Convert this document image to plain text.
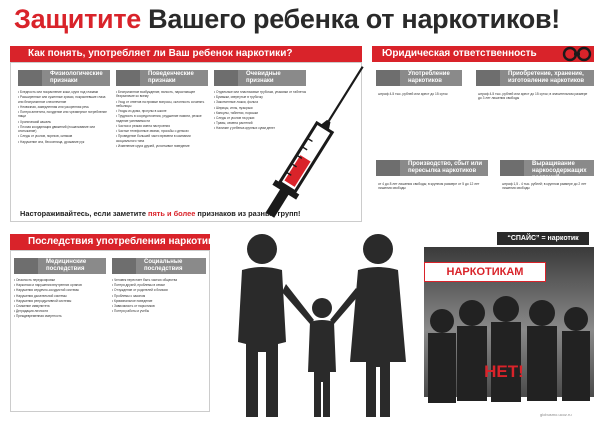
Защитите Вашего ребенка от наркотиков!
Как понять, употребляет ли Ваш ребенок наркотики?
Физиологические признаки
Поведенческие признаки
Очевидные признаки

• Бледность или покраснение кожи, круги под глазами

• Расширенные или суженные зрачки, покрасневшие глаза или беспричинное слезотечение

• Несвязная, замедленная или ускоренная речь

• Потеря аппетита, похудение или чрезмерное потребление пищи

• Хронический кашель

• Плохая координация движений (пошатывание или спотыкание)

• Следы от уколов, порезов, синяков

• Нарушение сна, бессонница, дрожание рук

• Беспричинное возбуждение, вялость, нарастающее безразличие ко всему

• Уход от ответов на прямые вопросы, склонность сочинять небылицы

• Уходы из дома, прогулы в школе

• Трудность в сосредоточении, ухудшение памяти, резкое падение успеваемости

• Частая и резкая смена настроения

• Частые телефонные звонки, просьбы о деньгах

• Проведение большей части времени в компании асоциального типа

• Изменение круга друзей, уклончивое поведение

• Отдельные или пластиковые трубочки, упаковки от таблеток

• Бумажки, свернутые в трубочку

• Закопченные ложки, фольга

• Шприцы, иглы, пузырьки

• Капсулы, таблетки, порошки

• Следы от уколов на руках

• Травы, семена растений

• Наличие у ребенка крупных сумм денег

Настораживайтесь, если заметите пять и более признаков из разных групп!
Юридическая ответственность
Употребление наркотиков
Приобретение, хранение, изготовление наркотиков
штраф 4-5 тыс. рублей или арест до 15 суток	штраф 4-5 тыс. рублей или арест до 15 суток; в значительном размере до 3 лет лишения свободы
Производство, сбыт или пересылка наркотиков
Выращивание наркосодержащих растений
от 4 до 8 лет лишения свободы; в крупном размере от 5 до 12 лет лишения свободы
штраф 1,5 - 4 тыс. рублей; в крупном размере до 2 лет лишения свободы
“СПАЙС” = наркотик
Последствия употребления наркотиков
Медицинские последствия
Социальные последствия

• Опасность передозировки

• Наркотики и нарушения внутренних органов

• Нарушения сердечно-сосудистой системы

• Нарушения дыхательной системы

• Нарушения репродуктивной системы

• Снижение иммунитета

• Деградация личности

• Преждевременная смертность

• Человек перестает быть частью общества

• Потеря друзей, проблемы в семье

• Отчуждение от родителей и близких

• Проблемы с законом

• Криминальное поведение

• Зависимость от наркотиков

• Потеря работы и учебы

НАРКОТИКАМ
НЕТ!
globusmo.ucoz.ru
